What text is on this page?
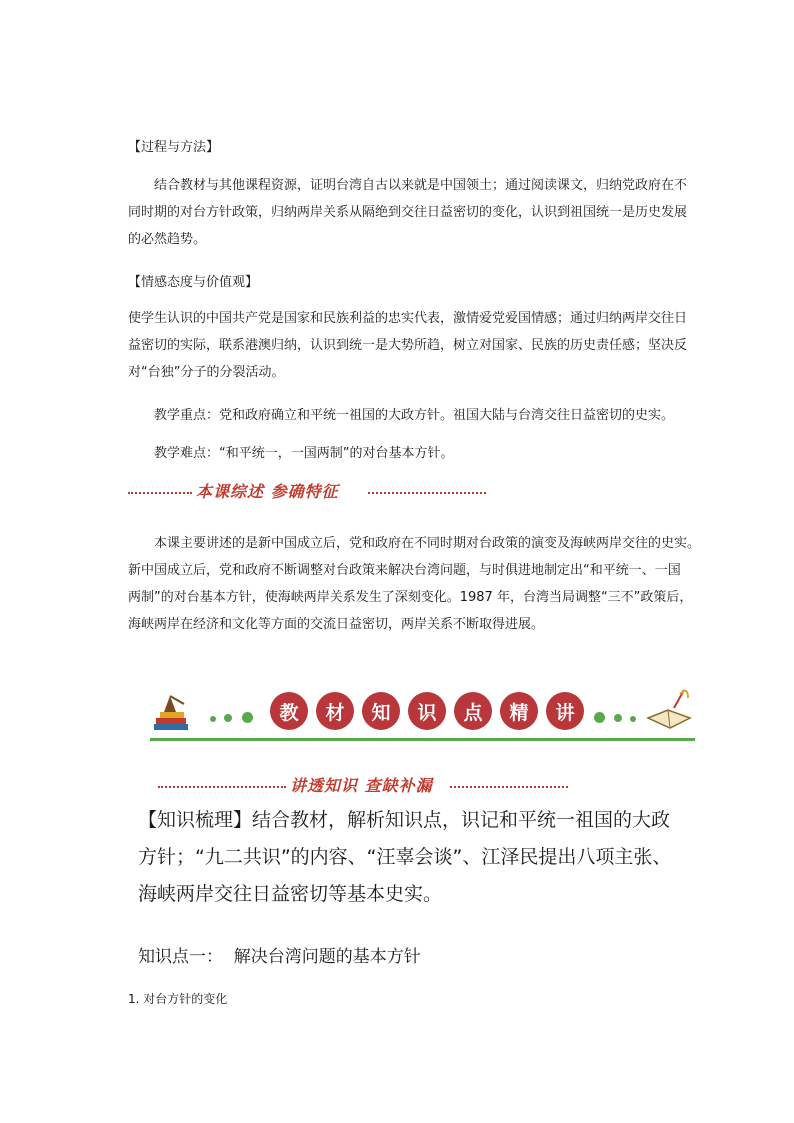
【过程与方法】
结合教材与其他课程资源，证明台湾自古以来就是中国领土；通过阅读课文，归纳党政府在不
同时期的对台方针政策，归纳两岸关系从隔绝到交往日益密切的变化，认识到祖国统一是历史发展
的必然趋势。
【情感态度与价值观】
使学生认识的中国共产党是国家和民族利益的忠实代表，激情爱党爱国情感；通过归纳两岸交往日
益密切的实际，联系港澳归纳，认识到统一是大势所趋，树立对国家、民族的历史责任感；坚决反
对“台独”分子的分裂活动。
教学重点：党和政府确立和平统一祖国的大政方针。祖国大陆与台湾交往日益密切的史实。
教学难点：“和平统一，一国两制”的对台基本方针。
本课综述 参确特征
本课主要讲述的是新中国成立后，党和政府在不同时期对台政策的演变及海峡两岸交往的史实。
新中国成立后，党和政府不断调整对台政策来解决台湾问题，与时俱进地制定出“和平统一、一国
两制”的对台基本方针，使海峡两岸关系发生了深刻变化。1987 年，台湾当局调整“三不”政策后，
海峡两岸在经济和文化等方面的交流日益密切，两岸关系不断取得进展。
教	材	知	识	点	精	讲
讲透知识 查缺补漏
【知识梳理】结合教材，解析知识点，识记和平统一祖国的大政
方针；“九二共识”的内容、“汪辜会谈”、江泽民提出八项主张、
海峡两岸交往日益密切等基本史实。
知识点一：  解决台湾问题的基本方针
1. 对台方针的变化
